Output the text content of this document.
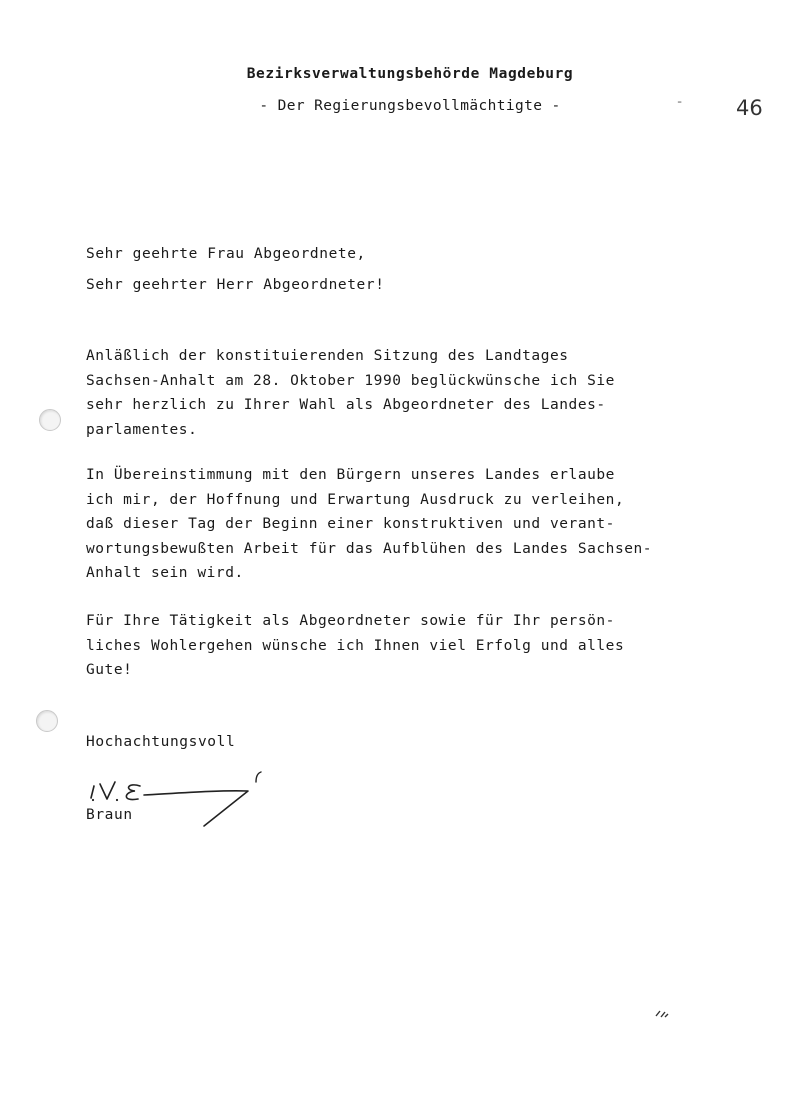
Bezirksverwaltungsbehörde Magdeburg
- Der Regierungsbevollmächtigte -	ˉ	46
Sehr geehrte Frau Abgeordnete,
Sehr geehrter Herr Abgeordneter!
Anläßlich der konstituierenden Sitzung des Landtages
Sachsen-Anhalt am 28. Oktober 1990 beglückwünsche ich Sie
sehr herzlich zu Ihrer Wahl als Abgeordneter des Landes-
parlamentes.
In Übereinstimmung mit den Bürgern unseres Landes erlaube
ich mir, der Hoffnung und Erwartung Ausdruck zu verleihen,
daß dieser Tag der Beginn einer konstruktiven und verant-
wortungsbewußten Arbeit für das Aufblühen des Landes Sachsen-
Anhalt sein wird.
Für Ihre Tätigkeit als Abgeordneter sowie für Ihr persön-
liches Wohlergehen wünsche ich Ihnen viel Erfolg und alles
Gute!
Hochachtungsvoll
i.V.
Braun
